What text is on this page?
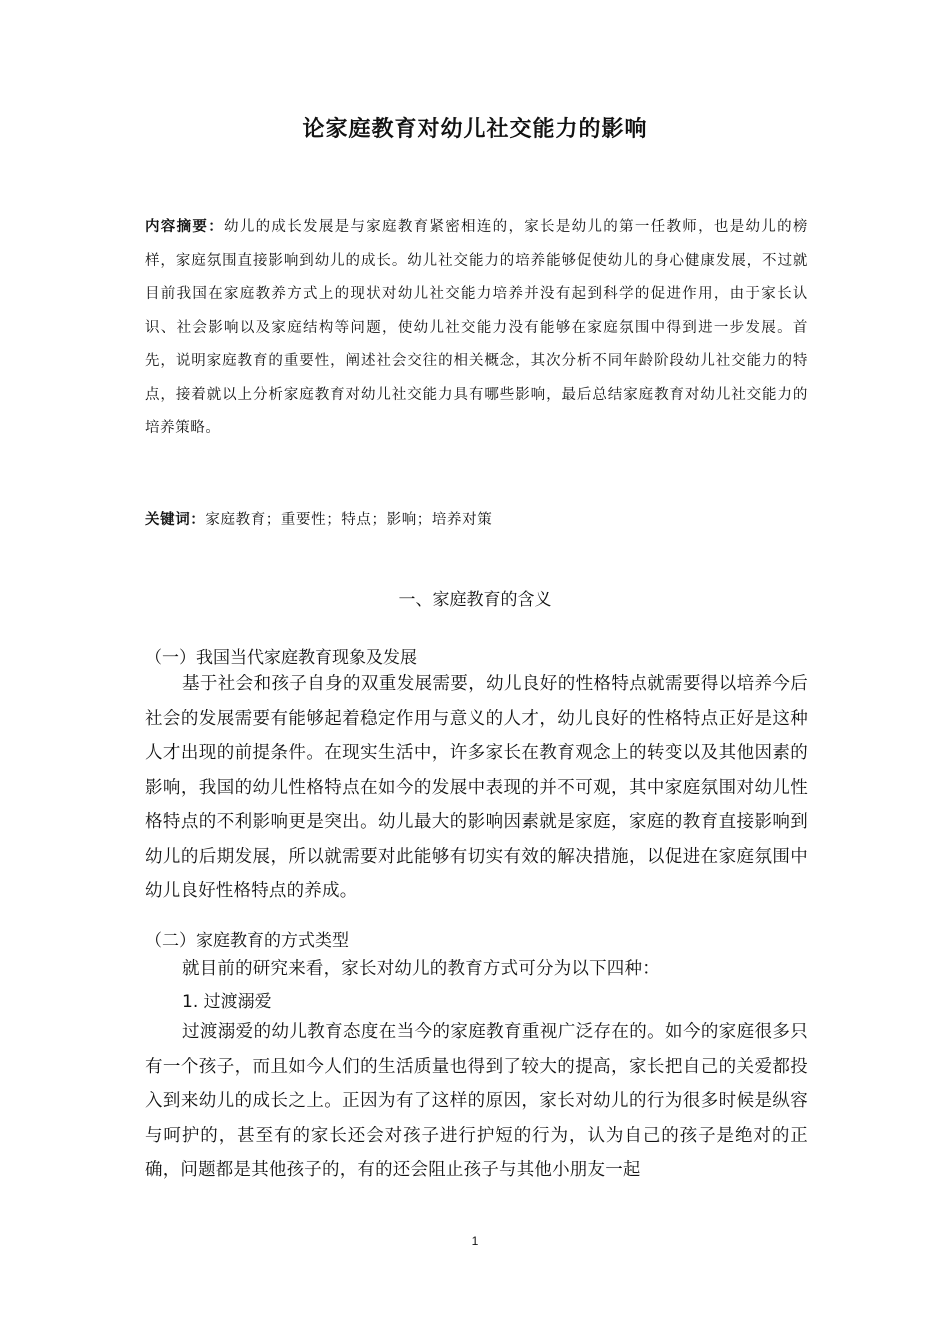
论家庭教育对幼儿社交能力的影响
内容摘要：幼儿的成长发展是与家庭教育紧密相连的，家长是幼儿的第一任教师，也是幼儿的榜样，家庭氛围直接影响到幼儿的成长。幼儿社交能力的培养能够促使幼儿的身心健康发展，不过就目前我国在家庭教养方式上的现状对幼儿社交能力培养并没有起到科学的促进作用，由于家长认识、社会影响以及家庭结构等问题，使幼儿社交能力没有能够在家庭氛围中得到进一步发展。首先，说明家庭教育的重要性，阐述社会交往的相关概念，其次分析不同年龄阶段幼儿社交能力的特点，接着就以上分析家庭教育对幼儿社交能力具有哪些影响，最后总结家庭教育对幼儿社交能力的培养策略。
关键词：家庭教育；重要性；特点；影响；培养对策
一、家庭教育的含义
（一）我国当代家庭教育现象及发展
基于社会和孩子自身的双重发展需要，幼儿良好的性格特点就需要得以培养今后社会的发展需要有能够起着稳定作用与意义的人才，幼儿良好的性格特点正好是这种人才出现的前提条件。在现实生活中，许多家长在教育观念上的转变以及其他因素的影响，我国的幼儿性格特点在如今的发展中表现的并不可观，其中家庭氛围对幼儿性格特点的不利影响更是突出。幼儿最大的影响因素就是家庭，家庭的教育直接影响到幼儿的后期发展，所以就需要对此能够有切实有效的解决措施，以促进在家庭氛围中幼儿良好性格特点的养成。
（二）家庭教育的方式类型
就目前的研究来看，家长对幼儿的教育方式可分为以下四种：
1. 过渡溺爱
过渡溺爱的幼儿教育态度在当今的家庭教育重视广泛存在的。如今的家庭很多只有一个孩子，而且如今人们的生活质量也得到了较大的提高，家长把自己的关爱都投入到来幼儿的成长之上。正因为有了这样的原因，家长对幼儿的行为很多时候是纵容与呵护的，甚至有的家长还会对孩子进行护短的行为，认为自己的孩子是绝对的正确，问题都是其他孩子的，有的还会阻止孩子与其他小朋友一起
1
